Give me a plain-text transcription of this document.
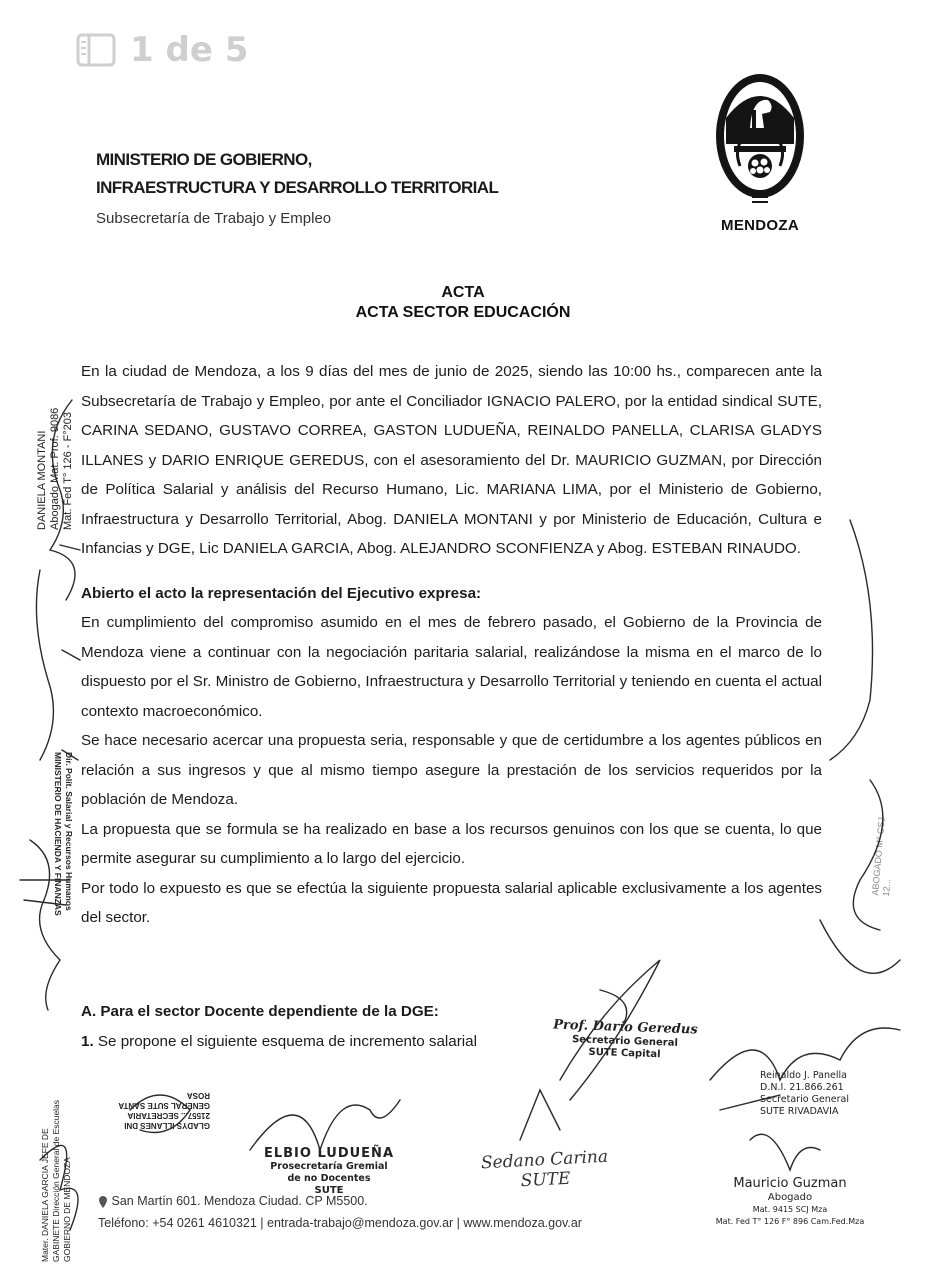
1 de 5
MINISTERIO DE GOBIERNO,
INFRAESTRUCTURA Y DESARROLLO TERRITORIAL
Subsecretaría de Trabajo y Empleo	MENDOZA
ACTA
ACTA SECTOR EDUCACIÓN

En la ciudad de Mendoza, a los 9 días del mes de junio de 2025, siendo las 10:00 hs., comparecen ante la Subsecretaría de Trabajo y Empleo, por ante el Conciliador IGNACIO PALERO, por la entidad sindical SUTE, CARINA SEDANO, GUSTAVO CORREA, GASTON LUDUEÑA, REINALDO PANELLA, CLARISA GLADYS ILLANES y DARIO ENRIQUE GEREDUS, con el asesoramiento del Dr. MAURICIO GUZMAN, por Dirección de Política Salarial y análisis del Recurso Humano, Lic. MARIANA LIMA, por el Ministerio de Gobierno, Infraestructura y Desarrollo Territorial, Abog. DANIELA MONTANI y por Ministerio de Educación, Cultura e Infancias y DGE, Lic DANIELA GARCIA, Abog. ALEJANDRO SCONFIENZA y Abog. ESTEBAN RINAUDO.

Abierto el acto la representación del Ejecutivo expresa:

En cumplimiento del compromiso asumido en el mes de febrero pasado, el Gobierno de la Provincia de Mendoza viene a continuar con la negociación paritaria salarial, realizándose la misma en el marco de lo dispuesto por el Sr. Ministro de Gobierno, Infraestructura y Desarrollo Territorial y teniendo en cuenta el actual contexto macroeconómico.

Se hace necesario acercar una propuesta seria, responsable y que de certidumbre a los agentes públicos en relación a sus ingresos y que al mismo tiempo asegure la prestación de los servicios requeridos por la población de Mendoza.

La propuesta que se formula se ha realizado en base a los recursos genuinos con los que se cuenta, lo que permite asegurar su cumplimiento a lo largo del ejercicio.

Por todo lo expuesto es que se efectúa la siguiente propuesta salarial aplicable exclusivamente a los agentes del sector.

A. Para el sector Docente dependiente de la DGE:
1. Se propone el siguiente esquema de incremento salarial
San Martín 601. Mendoza Ciudad. CP M5500.
Teléfono: +54 0261 4610321 | entrada-trabajo@mendoza.gov.ar | www.mendoza.gov.ar
Prof. Darío Geredus
Secretario General
SUTE Capital
ELBIO LUDUEÑA
Prosecretaría Gremial
de no Docentes
SUTE
Reinaldo J. Panella
D.N.I. 21.866.261
Secretario General
SUTE RIVADAVIA
Mauricio Guzman
Abogado
Mat. 9415 SCJ Mza
Mat. Fed T° 126 F° 896 Cam.Fed.Mza
Sedano Carina SUTE
DANIELA MONTANI Abogado Mat. Prof. 9086 Mat. Fed T° 126 - F°203
Dir. Polít. Salarial y Recursos Humanos MINISTERIO DE HACIENDA Y FINANZAS
GLADYS ILLANES DNI 21557... SECRETARIA GENERAL SUTE SANTA ROSA
Mater. DANIELA GARCIA JEFE DE GABINETE Dirección General de Escuelas GOBIERNO DE MENDOZA
ABOGADO M° CSJ 12...
